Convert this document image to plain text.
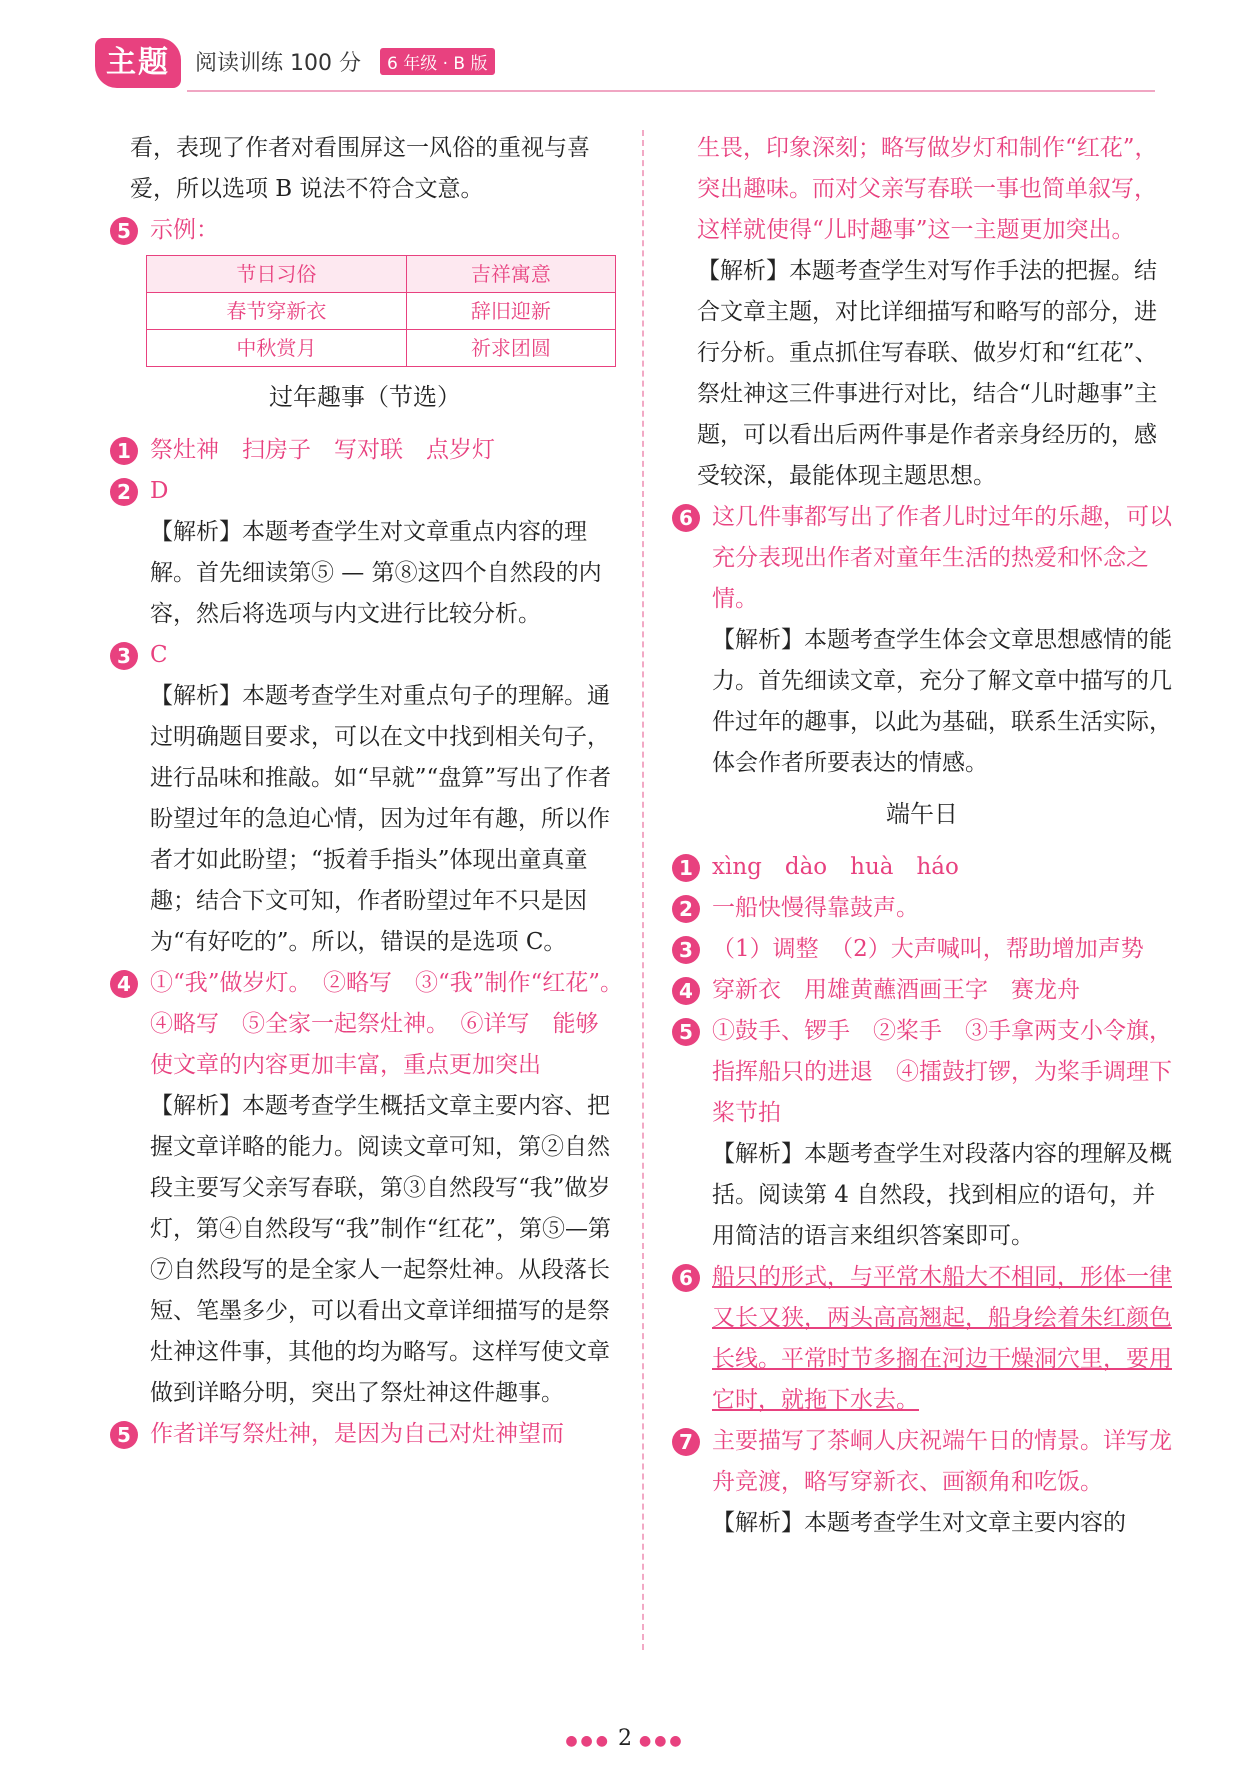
主题	阅读训练 100 分	6 年级 · B 版

看，表现了作者对看围屏这一风俗的重视与喜爱，所以选项 B 说法不符合文意。

5 示例：
节日习俗	吉祥寓意
春节穿新衣	辞旧迎新
中秋赏月	祈求团圆
过年趣事（节选）
1 祭灶神　扫房子　写对联　点岁灯
2 D

【解析】本题考查学生对文章重点内容的理解。首先细读第⑤ — 第⑧这四个自然段的内容，然后将选项与内文进行比较分析。

3 C

【解析】本题考查学生对重点句子的理解。通过明确题目要求，可以在文中找到相关句子，进行品味和推敲。如“早就”“盘算”写出了作者盼望过年的急迫心情，因为过年有趣，所以作者才如此盼望；“扳着手指头”体现出童真童趣；结合下文可知，作者盼望过年不只是因为“有好吃的”。所以，错误的是选项 C。

4 ①“我”做岁灯。　②略写　③“我”制作“红花”。　④略写　⑤全家一起祭灶神。　⑥详写　能够使文章的内容更加丰富，重点更加突出

【解析】本题考查学生概括文章主要内容、把握文章详略的能力。阅读文章可知，第②自然段主要写父亲写春联，第③自然段写“我”做岁灯，第④自然段写“我”制作“红花”，第⑤—第⑦自然段写的是全家人一起祭灶神。从段落长短、笔墨多少，可以看出文章详细描写的是祭灶神这件事，其他的均为略写。这样写使文章做到详略分明，突出了祭灶神这件趣事。

5 作者详写祭灶神，是因为自己对灶神望而

生畏，印象深刻；略写做岁灯和制作“红花”，突出趣味。而对父亲写春联一事也简单叙写，这样就使得“儿时趣事”这一主题更加突出。

【解析】本题考查学生对写作手法的把握。结合文章主题，对比详细描写和略写的部分，进行分析。重点抓住写春联、做岁灯和“红花”、祭灶神这三件事进行对比，结合“儿时趣事”主题，可以看出后两件事是作者亲身经历的，感受较深，最能体现主题思想。

6 这几件事都写出了作者儿时过年的乐趣，可以充分表现出作者对童年生活的热爱和怀念之情。

【解析】本题考查学生体会文章思想感情的能力。首先细读文章，充分了解文章中描写的几件过年的趣事，以此为基础，联系生活实际，体会作者所要表达的情感。

端午日
1 xìng　dào　huà　háo
2 一船快慢得靠鼓声。
3 （1）调整　（2）大声喊叫，帮助增加声势
4 穿新衣　用雄黄蘸酒画王字　赛龙舟
5 ①鼓手、锣手　②桨手　③手拿两支小令旗，指挥船只的进退　④擂鼓打锣，为桨手调理下桨节拍

【解析】本题考查学生对段落内容的理解及概括。阅读第 4 自然段，找到相应的语句，并用简洁的语言来组织答案即可。

6 船只的形式，与平常木船大不相同，形体一律又长又狭，两头高高翘起，船身绘着朱红颜色长线。平常时节多搁在河边干燥洞穴里，要用它时，就拖下水去。
7 主要描写了茶峒人庆祝端午日的情景。详写龙舟竞渡，略写穿新衣、画额角和吃饭。

【解析】本题考查学生对文章主要内容的

●●● 2 ●●●
